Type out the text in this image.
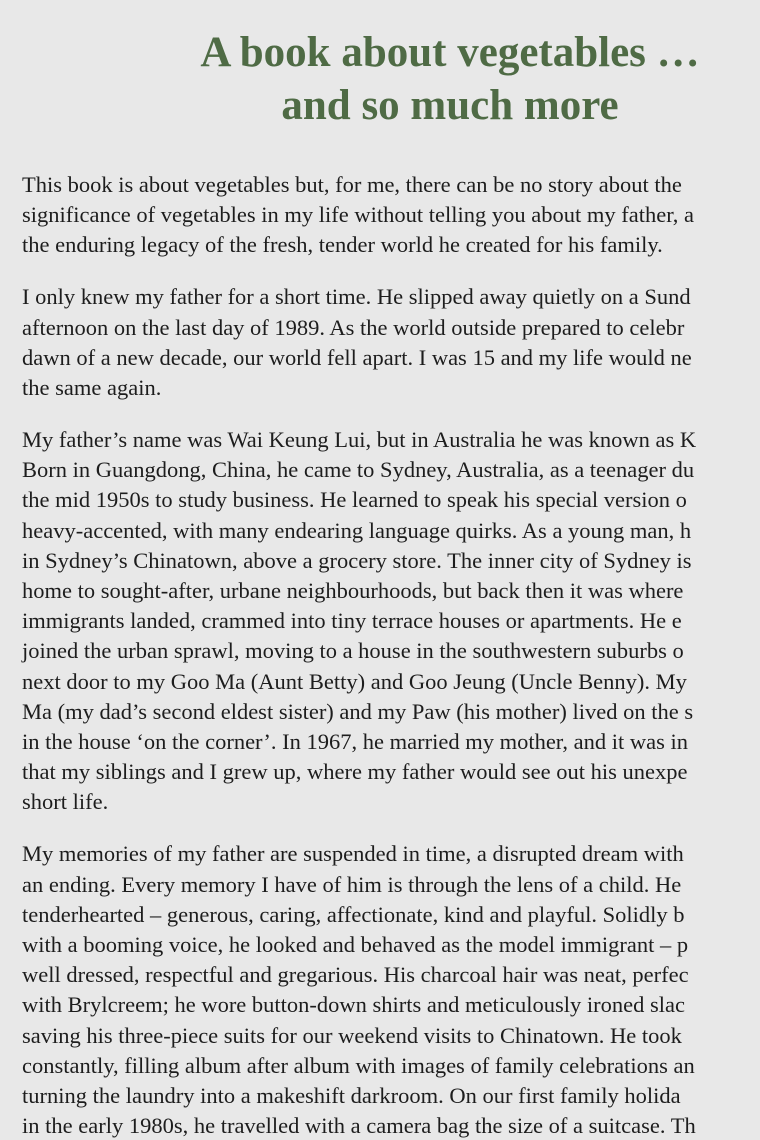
A book about vegetables …
and so much more

This book is about vegetables but, for me, there can be no story about the
significance of vegetables in my life without telling you about my father, a
the enduring legacy of the fresh, tender world he created for his family.

I only knew my father for a short time. He slipped away quietly on a Sund
afternoon on the last day of 1989. As the world outside prepared to celebr
dawn of a new decade, our world fell apart. I was 15 and my life would ne
the same again.

My father’s name was Wai Keung Lui, but in Australia he was known as K
Born in Guangdong, China, he came to Sydney, Australia, as a teenager du
the mid 1950s to study business. He learned to speak his special version o
heavy-accented, with many endearing language quirks. As a young man, h
in Sydney’s Chinatown, above a grocery store. The inner city of Sydney is
home to sought-after, urbane neighbourhoods, but back then it was where
immigrants landed, crammed into tiny terrace houses or apartments. He e
joined the urban sprawl, moving to a house in the southwestern suburbs o
next door to my Goo Ma (Aunt Betty) and Goo Jeung (Uncle Benny). My
Ma (my dad’s second eldest sister) and my Paw (his mother) lived on the s
in the house ‘on the corner’. In 1967, he married my mother, and it was in
that my siblings and I grew up, where my father would see out his unexpe
short life.

My memories of my father are suspended in time, a disrupted dream with
an ending. Every memory I have of him is through the lens of a child. He
tenderhearted – generous, caring, affectionate, kind and playful. Solidly b
with a booming voice, he looked and behaved as the model immigrant – p
well dressed, respectful and gregarious. His charcoal hair was neat, perfec
with Brylcreem; he wore button-down shirts and meticulously ironed slac
saving his three-piece suits for our weekend visits to Chinatown. He took
constantly, filling album after album with images of family celebrations an
turning the laundry into a makeshift darkroom. On our first family holida
in the early 1980s, he travelled with a camera bag the size of a suitcase. Th
